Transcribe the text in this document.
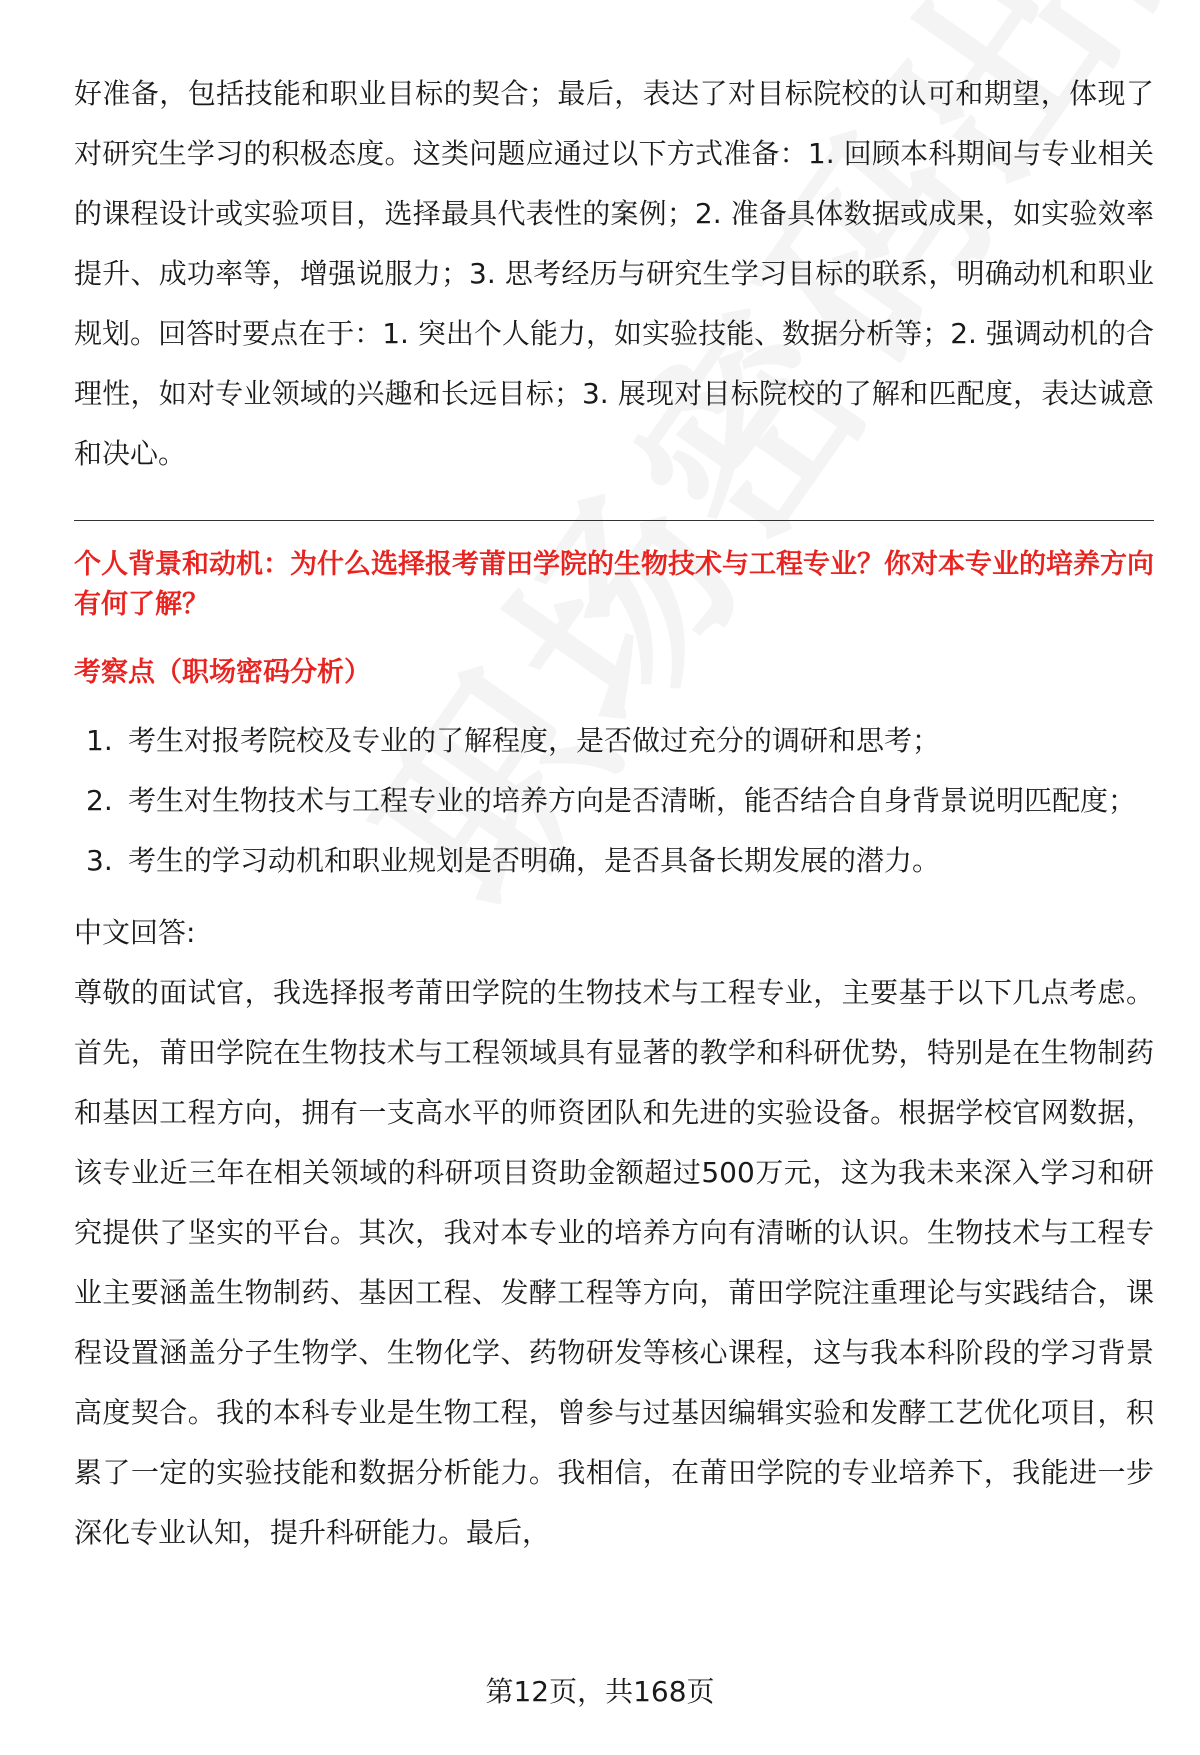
好准备，包括技能和职业目标的契合；最后，表达了对目标院校的认可和期望，体现了对研究生学习的积极态度。这类问题应通过以下方式准备：1. 回顾本科期间与专业相关的课程设计或实验项目，选择最具代表性的案例；2. 准备具体数据或成果，如实验效率提升、成功率等，增强说服力；3. 思考经历与研究生学习目标的联系，明确动机和职业规划。回答时要点在于：1. 突出个人能力，如实验技能、数据分析等；2. 强调动机的合理性，如对专业领域的兴趣和长远目标；3. 展现对目标院校的了解和匹配度，表达诚意和决心。

个人背景和动机：为什么选择报考莆田学院的生物技术与工程专业？你对本专业的培养方向有何了解？

考察点（职场密码分析）

1. 考生对报考院校及专业的了解程度，是否做过充分的调研和思考；
2. 考生对生物技术与工程专业的培养方向是否清晰，能否结合自身背景说明匹配度；
3. 考生的学习动机和职业规划是否明确，是否具备长期发展的潜力。

中文回答:

尊敬的面试官，我选择报考莆田学院的生物技术与工程专业，主要基于以下几点考虑。首先，莆田学院在生物技术与工程领域具有显著的教学和科研优势，特别是在生物制药和基因工程方向，拥有一支高水平的师资团队和先进的实验设备。根据学校官网数据，该专业近三年在相关领域的科研项目资助金额超过500万元，这为我未来深入学习和研究提供了坚实的平台。其次，我对本专业的培养方向有清晰的认识。生物技术与工程专业主要涵盖生物制药、基因工程、发酵工程等方向，莆田学院注重理论与实践结合，课程设置涵盖分子生物学、生物化学、药物研发等核心课程，这与我本科阶段的学习背景高度契合。我的本科专业是生物工程，曾参与过基因编辑实验和发酵工艺优化项目，积累了一定的实验技能和数据分析能力。我相信，在莆田学院的专业培养下，我能进一步深化专业认知，提升科研能力。最后，

第12页，共168页
